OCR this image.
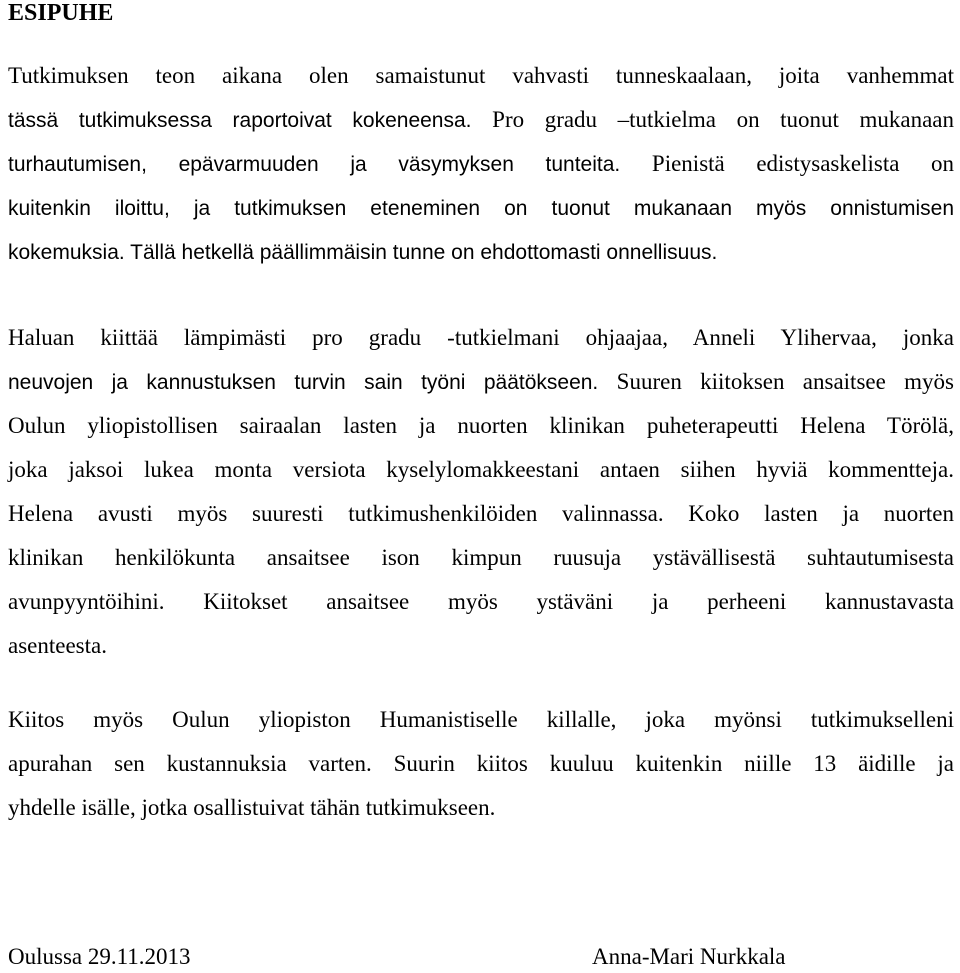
ESIPUHE
Tutkimuksen teon aikana olen samaistunut vahvasti tunneskaalaan, joita vanhemmat
tässä tutkimuksessa raportoivat kokeneensa. Pro gradu –tutkielma on tuonut mukanaan
turhautumisen, epävarmuuden ja väsymyksen tunteita. Pienistä edistysaskelista on
kuitenkin iloittu, ja tutkimuksen eteneminen on tuonut mukanaan myös onnistumisen
kokemuksia. Tällä hetkellä päällimmäisin tunne on ehdottomasti onnellisuus.
Haluan kiittää lämpimästi pro gradu -tutkielmani ohjaajaa, Anneli Ylihervaa, jonka
neuvojen ja kannustuksen turvin sain työni päätökseen. Suuren kiitoksen ansaitsee myös
Oulun yliopistollisen sairaalan lasten ja nuorten klinikan puheterapeutti Helena Törölä,
joka jaksoi lukea monta versiota kyselylomakkeestani antaen siihen hyviä kommentteja.
Helena avusti myös suuresti tutkimushenkilöiden valinnassa. Koko lasten ja nuorten
klinikan henkilökunta ansaitsee ison kimpun ruusuja ystävällisestä suhtautumisesta
avunpyyntöihini. Kiitokset ansaitsee myös ystäväni ja perheeni kannustavasta
asenteesta.
Kiitos myös Oulun yliopiston Humanistiselle killalle, joka myönsi tutkimukselleni
apurahan sen kustannuksia varten. Suurin kiitos kuuluu kuitenkin niille 13 äidille ja
yhdelle isälle, jotka osallistuivat tähän tutkimukseen.
Oulussa 29.11.2013	Anna-Mari Nurkkala
